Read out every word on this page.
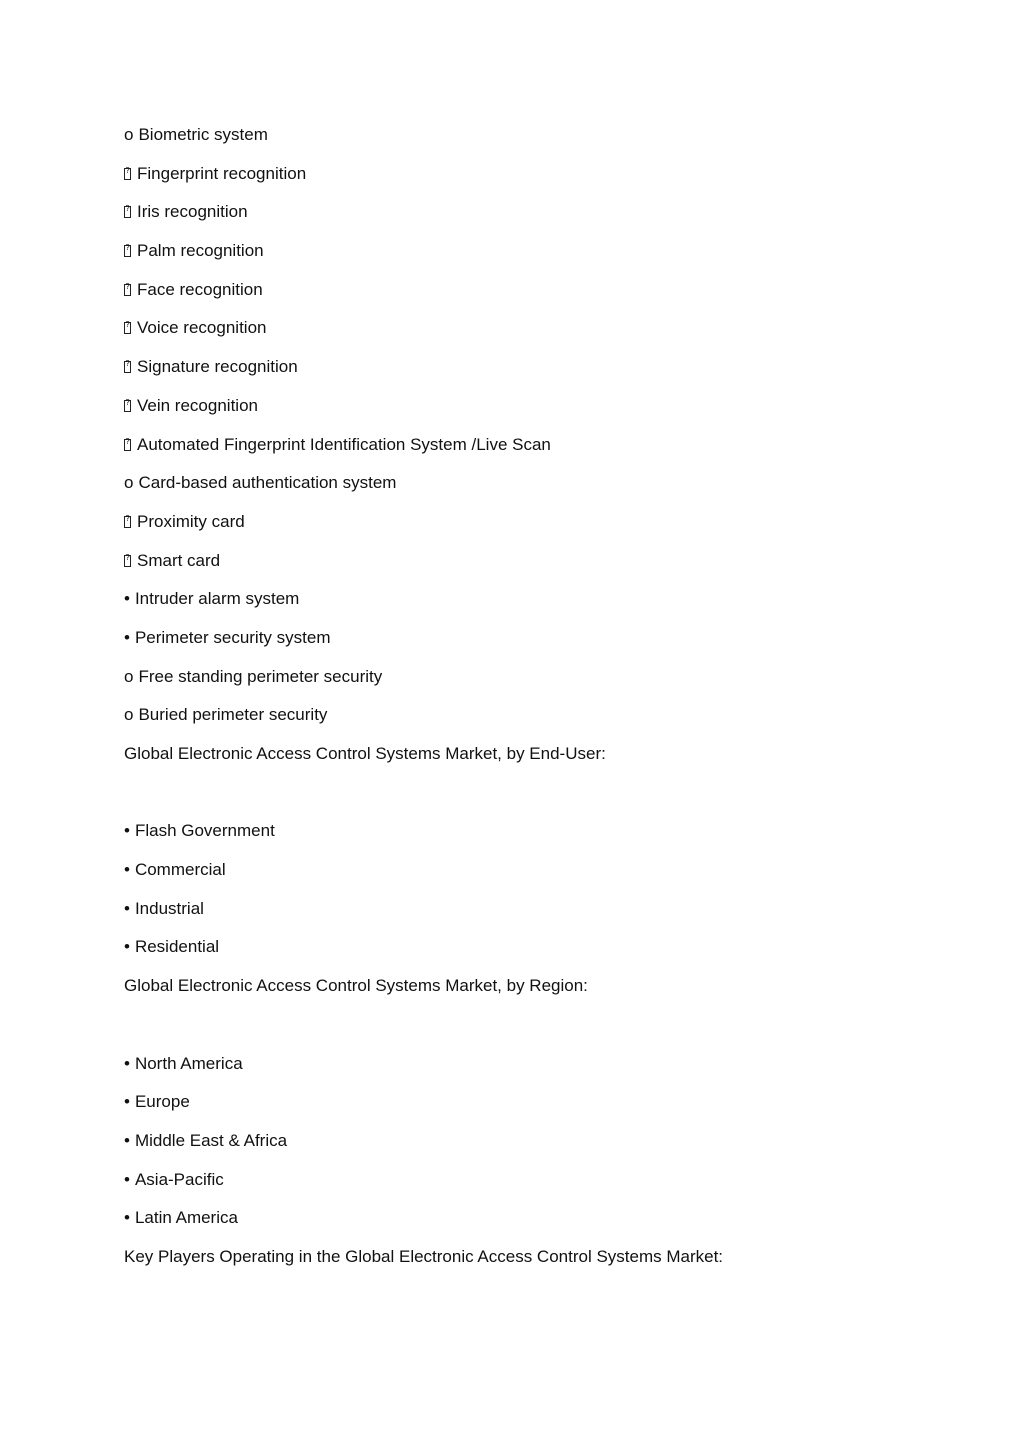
o Biometric system
?Fingerprint recognition
?Iris recognition
?Palm recognition
?Face recognition
?Voice recognition
?Signature recognition
?Vein recognition
?Automated Fingerprint Identification System /Live Scan
o Card-based authentication system
?Proximity card
?Smart card
• Intruder alarm system
• Perimeter security system
o Free standing perimeter security
o Buried perimeter security
Global Electronic Access Control Systems Market, by End-User:
• Flash Government
• Commercial
• Industrial
• Residential
Global Electronic Access Control Systems Market, by Region:
• North America
• Europe
• Middle East & Africa
• Asia-Pacific
• Latin America
Key Players Operating in the Global Electronic Access Control Systems Market:
